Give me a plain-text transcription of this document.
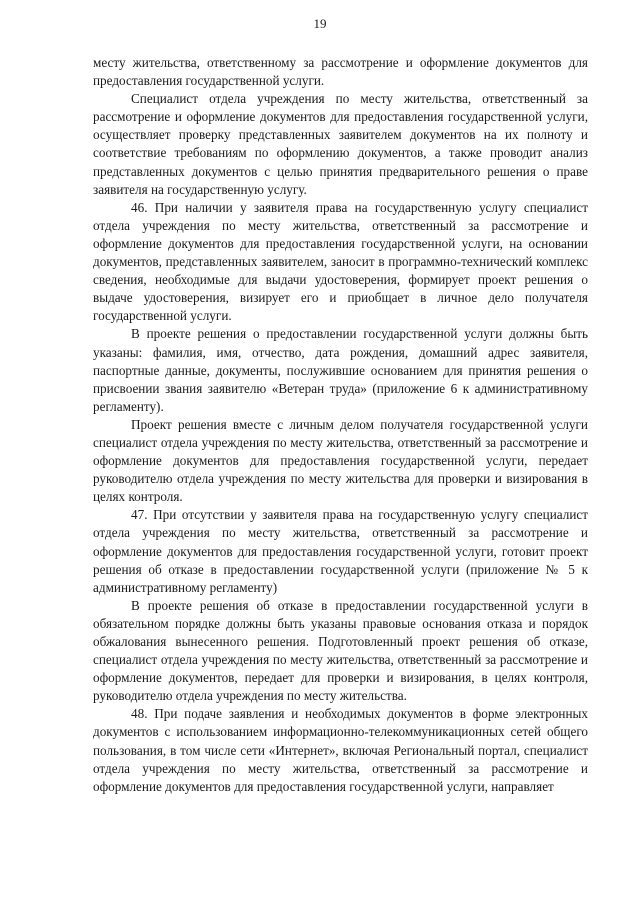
19

месту жительства, ответственному за рассмотрение и оформление документов для предоставления государственной услуги.

Специалист отдела учреждения по месту жительства, ответственный за рассмотрение и оформление документов для предоставления государственной услуги, осуществляет проверку представленных заявителем документов на их полноту и соответствие требованиям по оформлению документов, а также проводит анализ представленных документов с целью принятия предварительного решения о праве заявителя на государственную услугу.

46. При наличии у заявителя права на государственную услугу специалист отдела учреждения по месту жительства, ответственный за рассмотрение и оформление документов для предоставления государственной услуги, на основании документов, представленных заявителем, заносит в программно-технический комплекс сведения, необходимые для выдачи удостоверения, формирует проект решения о выдаче удостоверения, визирует его и приобщает в личное дело получателя государственной услуги.

В проекте решения о предоставлении государственной услуги должны быть указаны: фамилия, имя, отчество, дата рождения, домашний адрес заявителя, паспортные данные, документы, послужившие основанием для принятия решения о присвоении звания заявителю «Ветеран труда» (приложение 6 к административному регламенту).

Проект решения вместе с личным делом получателя государственной услуги специалист отдела учреждения по месту жительства, ответственный за рассмотрение и оформление документов для предоставления государственной услуги, передает руководителю отдела учреждения по месту жительства для проверки и визирования в целях контроля.

47. При отсутствии у заявителя права на государственную услугу специалист отдела учреждения по месту жительства, ответственный за рассмотрение и оформление документов для предоставления государственной услуги, готовит проект решения об отказе в предоставлении государственной услуги (приложение № 5 к административному регламенту)

В проекте решения об отказе в предоставлении государственной услуги в обязательном порядке должны быть указаны правовые основания отказа и порядок обжалования вынесенного решения. Подготовленный проект решения об отказе, специалист отдела учреждения по месту жительства, ответственный за рассмотрение и оформление документов, передает для проверки и визирования, в целях контроля, руководителю отдела учреждения по месту жительства.

48. При подаче заявления и необходимых документов в форме электронных документов с использованием информационно-телекоммуникационных сетей общего пользования, в том числе сети «Интернет», включая Региональный портал, специалист отдела учреждения по месту жительства, ответственный за рассмотрение и оформление документов для предоставления государственной услуги, направляет
